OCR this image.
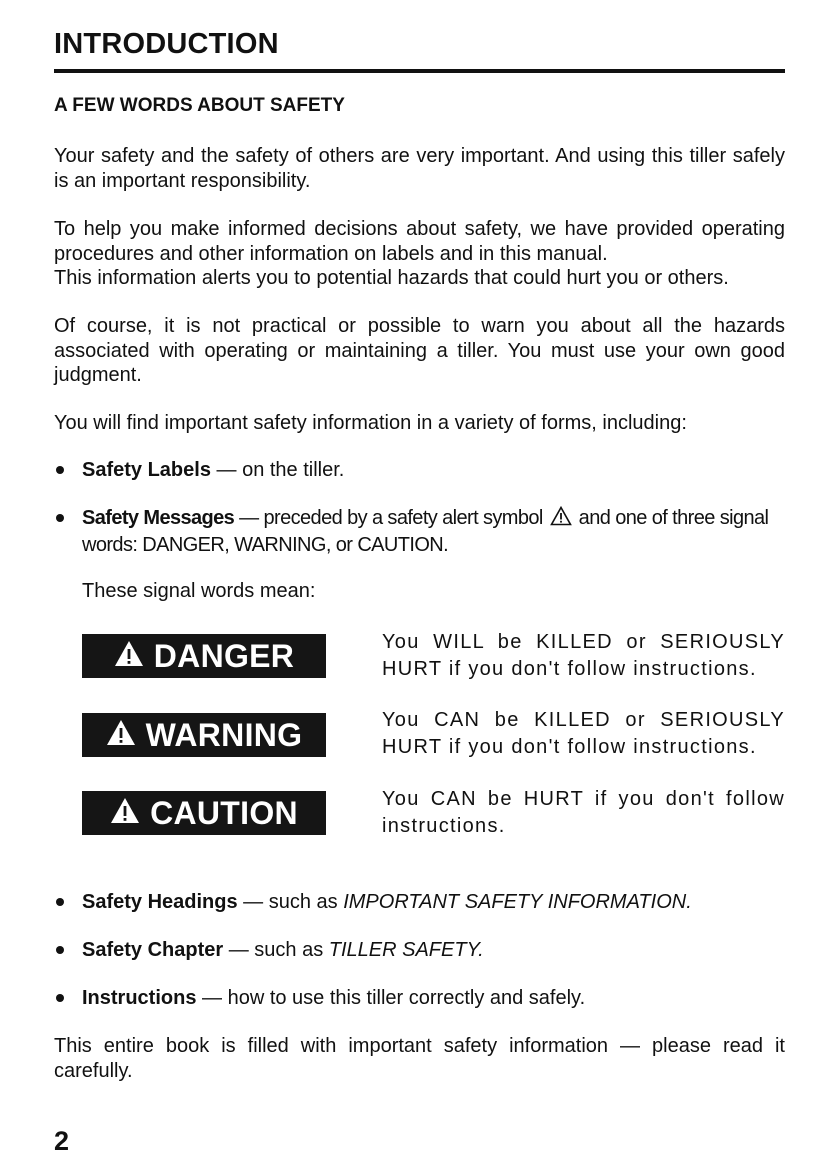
INTRODUCTION
A FEW WORDS ABOUT SAFETY
Your safety and the safety of others are very important. And using this tiller safely is an important responsibility.
To help you make informed decisions about safety, we have provided operating procedures and other information on labels and in this manual.
This information alerts you to potential hazards that could hurt you or others.
Of course, it is not practical or possible to warn you about all the hazards associated with operating or maintaining a tiller. You must use your own good judgment.
You will find important safety information in a variety of forms, including:
Safety Labels — on the tiller.
Safety Messages — preceded by a safety alert symbol  and one of three signal words: DANGER, WARNING, or CAUTION.
These signal words mean:
DANGER	You WILL be KILLED or SERIOUSLY HURT if you don't follow instructions.
WARNING	You CAN be KILLED or SERIOUSLY HURT if you don't follow instructions.
CAUTION	You CAN be HURT if you don't follow instructions.
Safety Headings — such as IMPORTANT SAFETY INFORMATION.
Safety Chapter — such as TILLER SAFETY.
Instructions — how to use this tiller correctly and safely.
This entire book is filled with important safety information — please read it carefully.
2
